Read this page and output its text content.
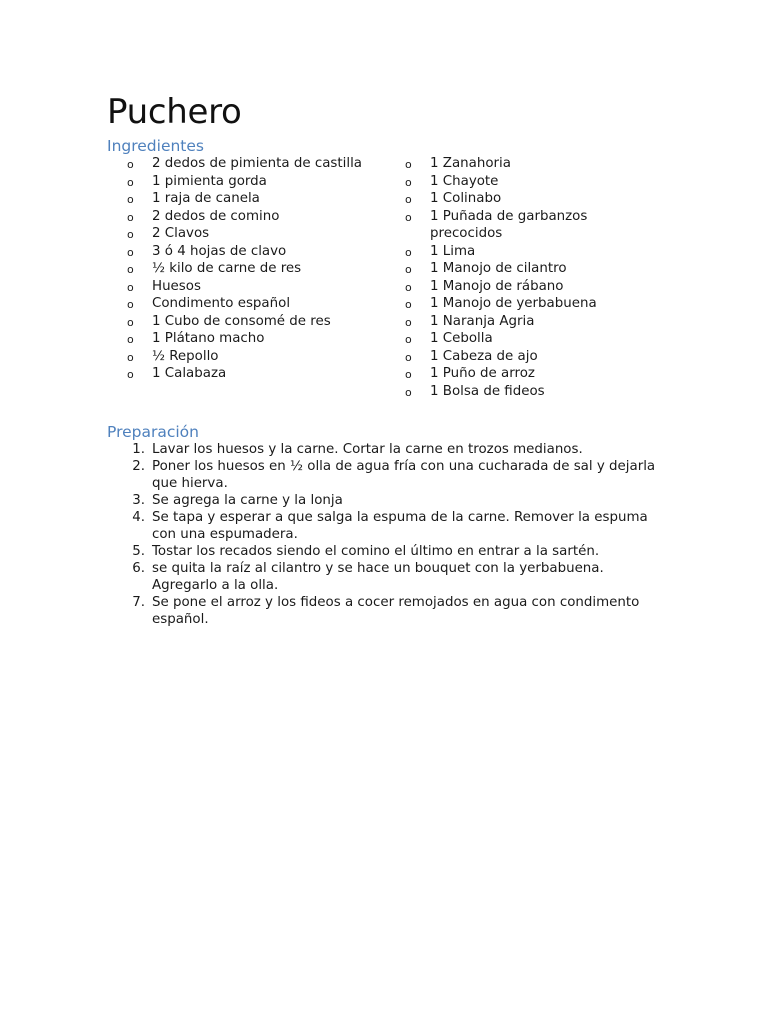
Puchero
Ingredientes
o	2 dedos de pimienta de castilla
o	1 pimienta gorda
o	1 raja de canela
o	2 dedos de comino
o	2 Clavos
o	3 ó 4 hojas de clavo
o	½ kilo de carne de res
o	Huesos
o	Condimento español
o	1 Cubo de consomé de res
o	1 Plátano macho
o	½ Repollo
o	1 Calabaza
o	1 Zanahoria
o	1 Chayote
o	1 Colinabo
o	1 Puñada de garbanzos precocidos
o	1 Lima
o	1 Manojo de cilantro
o	1 Manojo de rábano
o	1 Manojo de yerbabuena
o	1 Naranja Agria
o	1 Cebolla
o	1 Cabeza de ajo
o	1 Puño de arroz
o	1 Bolsa de fideos
Preparación
1. Lavar los huesos y la carne. Cortar la carne en trozos medianos.
2. Poner los huesos en ½ olla de agua fría con una cucharada de sal y dejarla que hierva.
3. Se agrega la carne y la lonja
4. Se tapa y esperar a que salga la espuma de la carne. Remover la espuma con una espumadera.
5. Tostar los recados siendo el comino el último en entrar a la sartén.
6. se quita la raíz al cilantro y se hace un bouquet con la yerbabuena. Agregarlo a la olla.
7. Se pone el arroz y los fideos a cocer remojados en agua con condimento español.
